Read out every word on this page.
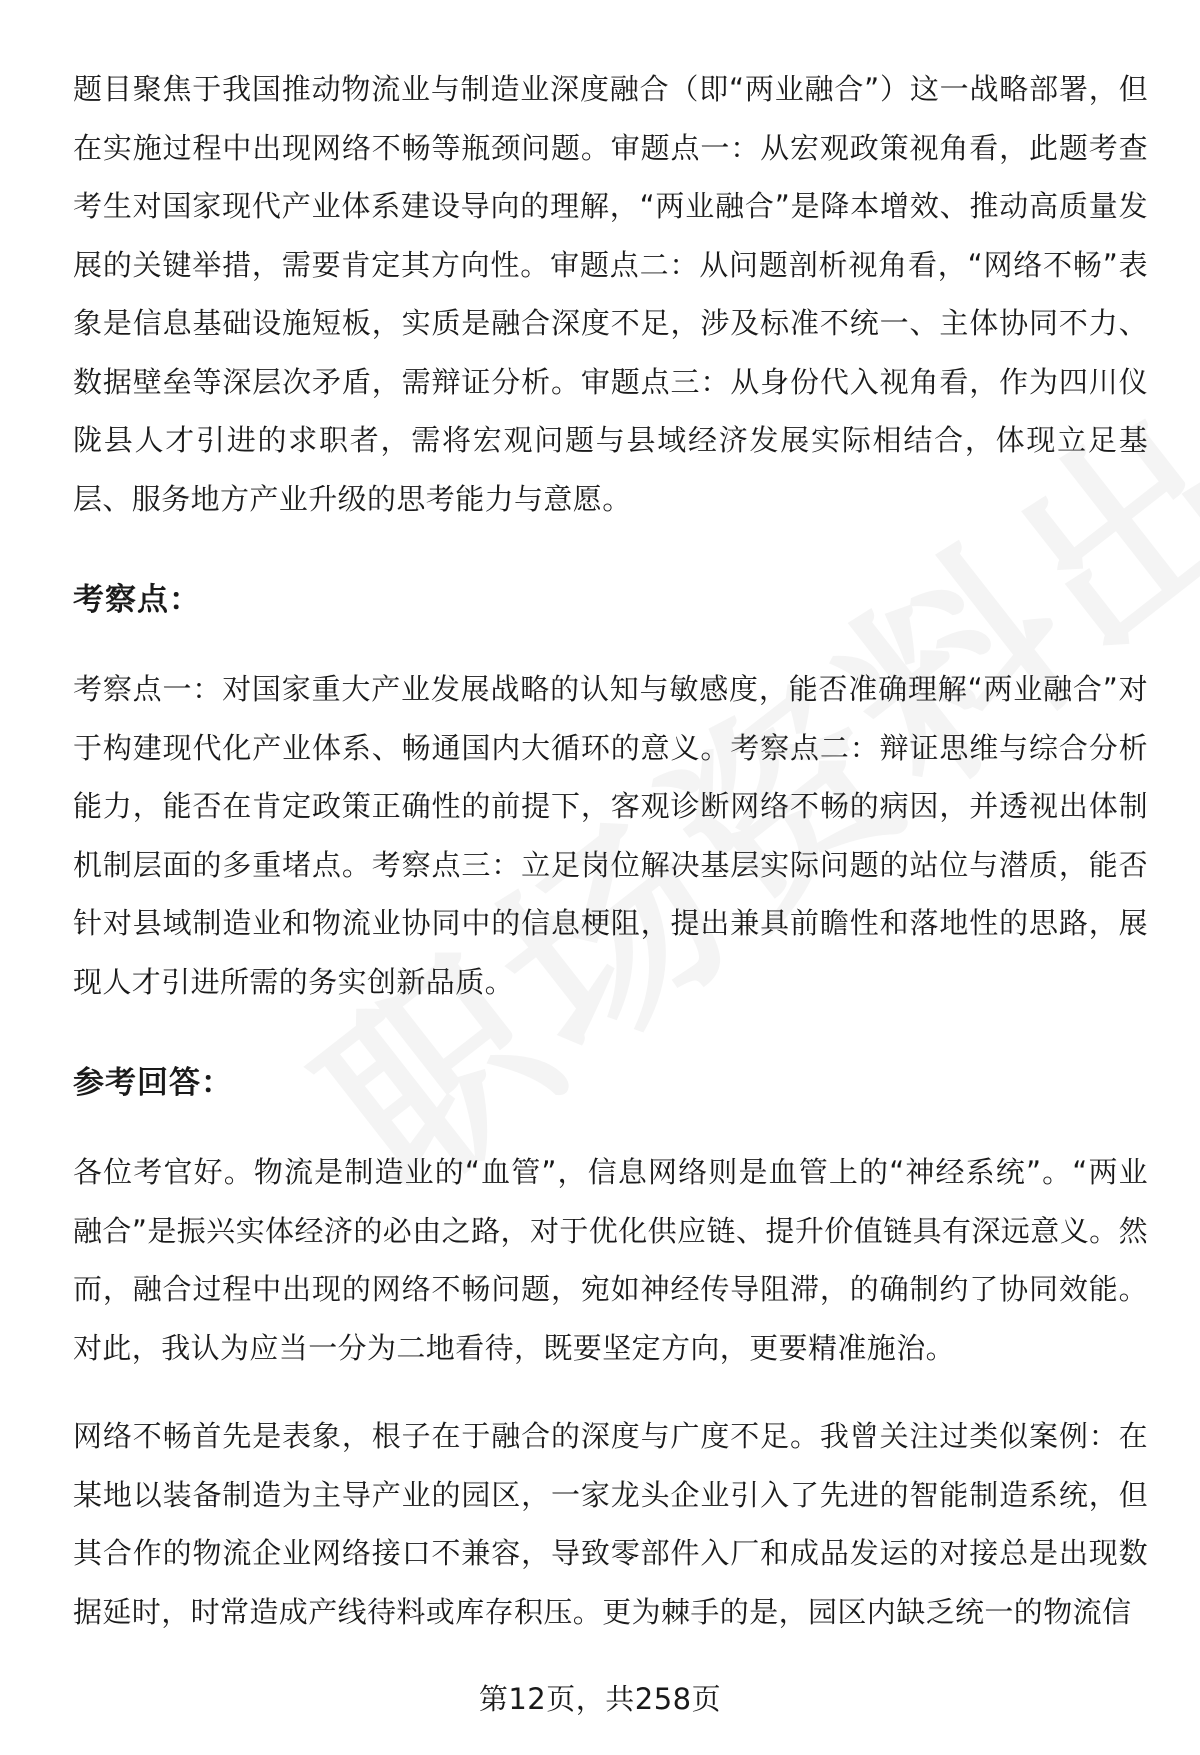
题目聚焦于我国推动物流业与制造业深度融合（即“两业融合”）这一战略部署，但在实施过程中出现网络不畅等瓶颈问题。审题点一：从宏观政策视角看，此题考查考生对国家现代产业体系建设导向的理解，“两业融合”是降本增效、推动高质量发展的关键举措，需要肯定其方向性。审题点二：从问题剖析视角看，“网络不畅”表象是信息基础设施短板，实质是融合深度不足，涉及标准不统一、主体协同不力、数据壁垒等深层次矛盾，需辩证分析。审题点三：从身份代入视角看，作为四川仪陇县人才引进的求职者，需将宏观问题与县域经济发展实际相结合，体现立足基层、服务地方产业升级的思考能力与意愿。

考察点：

考察点一：对国家重大产业发展战略的认知与敏感度，能否准确理解“两业融合”对于构建现代化产业体系、畅通国内大循环的意义。考察点二：辩证思维与综合分析能力，能否在肯定政策正确性的前提下，客观诊断网络不畅的病因，并透视出体制机制层面的多重堵点。考察点三：立足岗位解决基层实际问题的站位与潜质，能否针对县域制造业和物流业协同中的信息梗阻，提出兼具前瞻性和落地性的思路，展现人才引进所需的务实创新品质。

参考回答：

各位考官好。物流是制造业的“血管”，信息网络则是血管上的“神经系统”。“两业融合”是振兴实体经济的必由之路，对于优化供应链、提升价值链具有深远意义。然而，融合过程中出现的网络不畅问题，宛如神经传导阻滞，的确制约了协同效能。对此，我认为应当一分为二地看待，既要坚定方向，更要精准施治。

网络不畅首先是表象，根子在于融合的深度与广度不足。我曾关注过类似案例：在某地以装备制造为主导产业的园区，一家龙头企业引入了先进的智能制造系统，但其合作的物流企业网络接口不兼容，导致零部件入厂和成品发运的对接总是出现数据延时，时常造成产线待料或库存积压。更为棘手的是，园区内缺乏统一的物流信

第12页，共258页
